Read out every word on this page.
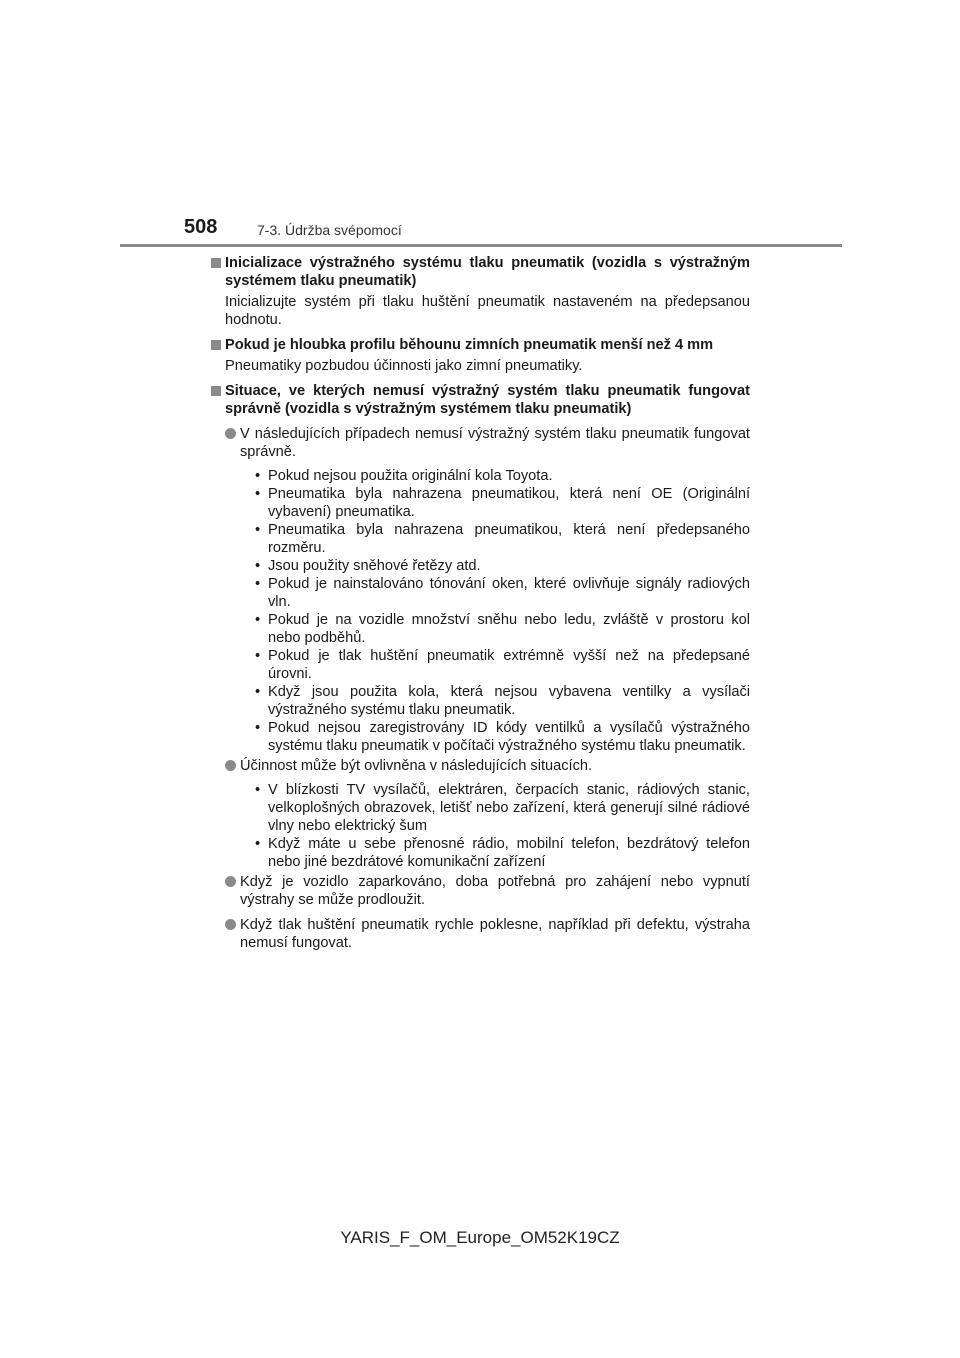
508	7-3. Údržba svépomocí
Inicializace výstražného systému tlaku pneumatik (vozidla s výstražným systémem tlaku pneumatik)
Inicializujte systém při tlaku huštění pneumatik nastaveném na předepsanou hodnotu.
Pokud je hloubka profilu běhounu zimních pneumatik menší než 4 mm
Pneumatiky pozbudou účinnosti jako zimní pneumatiky.
Situace, ve kterých nemusí výstražný systém tlaku pneumatik fungovat správně (vozidla s výstražným systémem tlaku pneumatik)
V následujících případech nemusí výstražný systém tlaku pneumatik fungovat správně.
• Pokud nejsou použita originální kola Toyota.
• Pneumatika byla nahrazena pneumatikou, která není OE (Originální vybavení) pneumatika.
• Pneumatika byla nahrazena pneumatikou, která není předepsaného rozměru.
• Jsou použity sněhové řetězy atd.
• Pokud je nainstalováno tónování oken, které ovlivňuje signály radiových vln.
• Pokud je na vozidle množství sněhu nebo ledu, zvláště v prostoru kol nebo podběhů.
• Pokud je tlak huštění pneumatik extrémně vyšší než na předepsané úrovni.
• Když jsou použita kola, která nejsou vybavena ventilky a vysílači výstražného systému tlaku pneumatik.
• Pokud nejsou zaregistrovány ID kódy ventilků a vysílačů výstražného systému tlaku pneumatik v počítači výstražného systému tlaku pneumatik.
Účinnost může být ovlivněna v následujících situacích.
• V blízkosti TV vysílačů, elektráren, čerpacích stanic, rádiových stanic, velkoplošných obrazovek, letišť nebo zařízení, která generují silné rádiové vlny nebo elektrický šum
• Když máte u sebe přenosné rádio, mobilní telefon, bezdrátový telefon nebo jiné bezdrátové komunikační zařízení
Když je vozidlo zaparkováno, doba potřebná pro zahájení nebo vypnutí výstrahy se může prodloužit.
Když tlak huštění pneumatik rychle poklesne, například při defektu, výstraha nemusí fungovat.
YARIS_F_OM_Europe_OM52K19CZ
